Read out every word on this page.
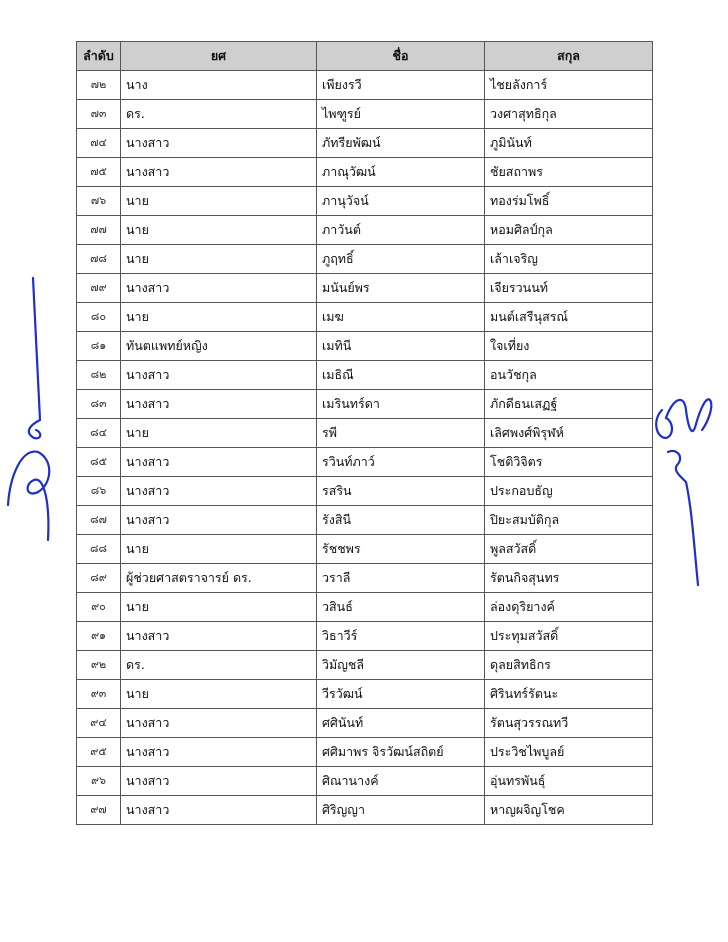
ลำดับ	ยศ	ชื่อ	สกุล
๗๒	นาง	เพียงรวี	ไชยลังการ์
๗๓	ดร.	ไพฑูรย์	วงศาสุทธิกุล
๗๔	นางสาว	ภัทรียพัฒน์	ภูมินันท์
๗๕	นางสาว	ภาณุวัฒน์	ชัยสถาพร
๗๖	นาย	ภานุวัจน์	ทองร่มโพธิ์
๗๗	นาย	ภาวันต์	หอมศิลป์กุล
๗๘	นาย	ภูฤทธิ์	เล้าเจริญ
๗๙	นางสาว	มนันย์พร	เจียรวนนท์
๘๐	นาย	เมฆ	มนต์เสรีนุสรณ์
๘๑	ทันตแพทย์หญิง	เมทินี	ใจเที่ยง
๘๒	นางสาว	เมธิณี	อนวัชกุล
๘๓	นางสาว	เมรินทร์ดา	ภักดีธนเสฏฐ์
๘๔	นาย	รพี	เลิศพงศ์พิรุฬห์
๘๕	นางสาว	รวินท์ภาว์	โชติวิจิตร
๘๖	นางสาว	รสริน	ประกอบธัญ
๘๗	นางสาว	รังสินี	ปิยะสมบัติกุล
๘๘	นาย	รัชชพร	พูลสวัสดิ์
๘๙	ผู้ช่วยศาสตราจารย์ ดร.	วราลี	รัตนกิจสุนทร
๙๐	นาย	วสินธ์	ล่องดุริยางค์
๙๑	นางสาว	วิธาวีร์	ประทุมสวัสดิ์
๙๒	ดร.	วิมัญชลี	ดุลยสิทธิกร
๙๓	นาย	วีรวัฒน์	ศิรินทร์รัตนะ
๙๔	นางสาว	ศศินันท์	รัตนสุวรรณทวี
๙๕	นางสาว	ศศิมาพร จิรวัฒน์สถิตย์	ประวิชไพบูลย์
๙๖	นางสาว	ศิณานางค์	อุ่นทรพันธุ์
๙๗	นางสาว	ศิริญญา	หาญผจิญโชค
